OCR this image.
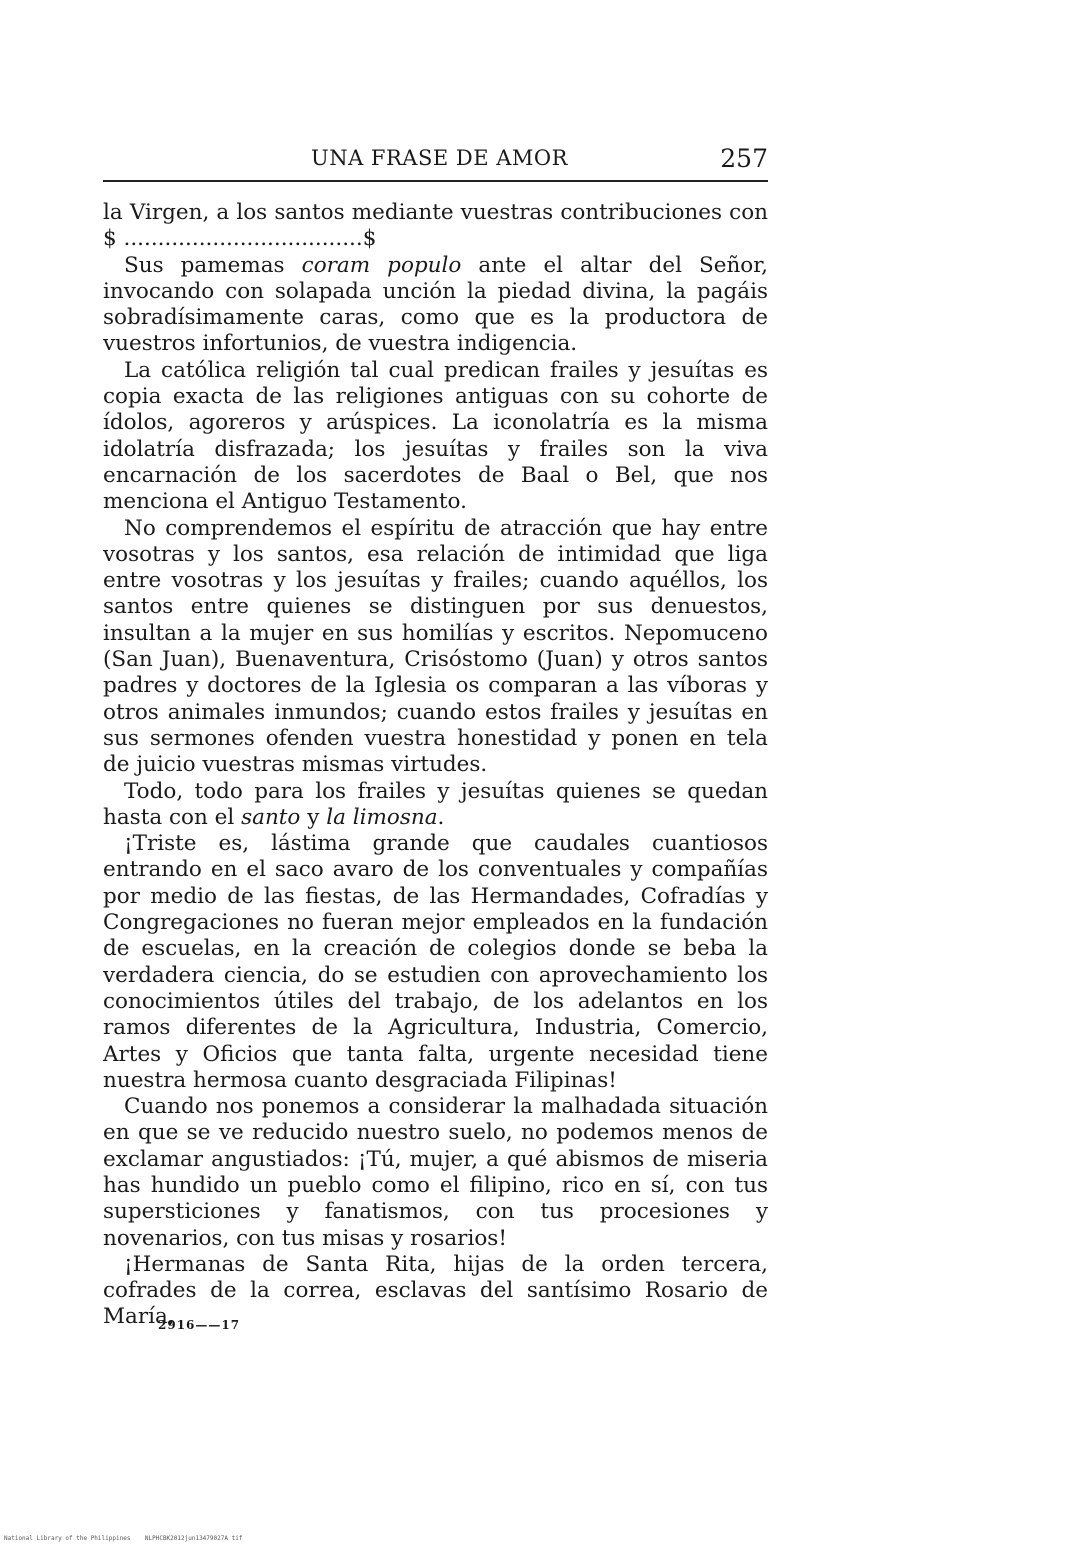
UNA FRASE DE AMOR	257

la Virgen, a los santos mediante vuestras contribuciones con $ ...................................$

Sus pamemas coram populo ante el altar del Señor, invocando con solapada unción la piedad divina, la pagáis sobradísimamente caras, como que es la productora de vuestros infortunios, de vuestra indigencia.

La católica religión tal cual predican frailes y jesuítas es copia exacta de las religiones antiguas con su cohorte de ídolos, agoreros y arúspices. La iconolatría es la misma idolatría disfrazada; los jesuítas y frailes son la viva encarnación de los sacerdotes de Baal o Bel, que nos menciona el Antiguo Testamento.

No comprendemos el espíritu de atracción que hay entre vosotras y los santos, esa relación de intimidad que liga entre vosotras y los jesuítas y frailes; cuando aquéllos, los santos entre quienes se distinguen por sus denuestos, insultan a la mujer en sus homilías y escritos. Nepomuceno (San Juan), Buenaventura, Crisóstomo (Juan) y otros santos padres y doctores de la Iglesia os comparan a las víboras y otros animales inmundos; cuando estos frailes y jesuítas en sus sermones ofenden vuestra honestidad y ponen en tela de juicio vuestras mismas virtudes.

Todo, todo para los frailes y jesuítas quienes se quedan hasta con el santo y la limosna.

¡Triste es, lástima grande que caudales cuantiosos entrando en el saco avaro de los conventuales y compañías por medio de las fiestas, de las Hermandades, Cofradías y Congregaciones no fueran mejor empleados en la fundación de escuelas, en la creación de colegios donde se beba la verdadera ciencia, do se estudien con aprovechamiento los conocimientos útiles del trabajo, de los adelantos en los ramos diferentes de la Agricultura, Industria, Comercio, Artes y Oficios que tanta falta, urgente necesidad tiene nuestra hermosa cuanto desgraciada Filipinas!

Cuando nos ponemos a considerar la malhadada situación en que se ve reducido nuestro suelo, no podemos menos de exclamar angustiados: ¡Tú, mujer, a qué abismos de miseria has hundido un pueblo como el filipino, rico en sí, con tus supersticiones y fanatismos, con tus procesiones y novenarios, con tus misas y rosarios!

¡Hermanas de Santa Rita, hijas de la orden tercera, cofrades de la correa, esclavas del santísimo Rosario de María,

2916——17
National Library of the Philippines    NLPHCBK2012jun13479027A tif
